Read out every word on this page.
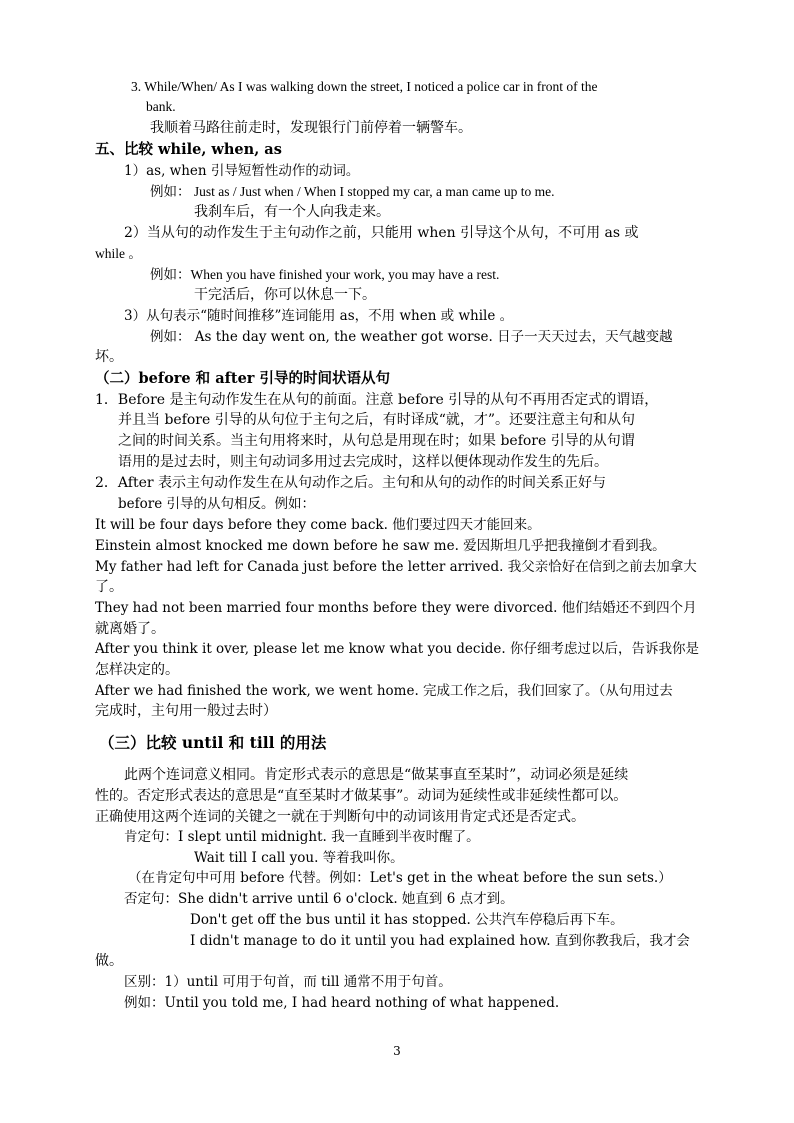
3. While/When/ As I was walking down the street, I noticed a police car in front of the
bank.
我顺着马路往前走时，发现银行门前停着一辆警车。
五、比较 while, when, as
1）as, when 引导短暂性动作的动词。
例如： Just as / Just when / When I stopped my car, a man came up to me.
我刹车后，有一个人向我走来。
2）当从句的动作发生于主句动作之前，只能用 when 引导这个从句，不可用 as 或
while 。
例如：When you have finished your work, you may have a rest.
干完活后，你可以休息一下。
3）从句表示“随时间推移”连词能用 as，不用 when 或 while 。
例如： As the day went on, the weather got worse. 日子一天天过去，天气越变越
坏。
（二）before 和 after 引导的时间状语从句
1．Before 是主句动作发生在从句的前面。注意 before 引导的从句不再用否定式的谓语，
并且当 before 引导的从句位于主句之后，有时译成“就，才”。还要注意主句和从句
之间的时间关系。当主句用将来时，从句总是用现在时；如果 before 引导的从句谓
语用的是过去时，则主句动词多用过去完成时，这样以便体现动作发生的先后。
2．After 表示主句动作发生在从句动作之后。主句和从句的动作的时间关系正好与
before 引导的从句相反。例如：
It will be four days before they come back. 他们要过四天才能回来。
Einstein almost knocked me down before he saw me. 爱因斯坦几乎把我撞倒才看到我。
My father had left for Canada just before the letter arrived. 我父亲恰好在信到之前去加拿大
了。
They had not been married four months before they were divorced. 他们结婚还不到四个月
就离婚了。
After you think it over, please let me know what you decide. 你仔细考虑过以后，告诉我你是
怎样决定的。
After we had finished the work, we went home. 完成工作之后，我们回家了。（从句用过去
完成时，主句用一般过去时）
（三）比较 until 和 till 的用法
此两个连词意义相同。肯定形式表示的意思是“做某事直至某时”，动词必须是延续
性的。否定形式表达的意思是“直至某时才做某事”。动词为延续性或非延续性都可以。
正确使用这两个连词的关键之一就在于判断句中的动词该用肯定式还是否定式。
肯定句：I slept until midnight. 我一直睡到半夜时醒了。
Wait till I call you. 等着我叫你。
（在肯定句中可用 before 代替。例如：Let's get in the wheat before the sun sets.）
否定句：She didn't arrive until 6 o'clock. 她直到 6 点才到。
Don't get off the bus until it has stopped. 公共汽车停稳后再下车。
I didn't manage to do it until you had explained how. 直到你教我后，我才会
做。
区别：1）until 可用于句首，而 till 通常不用于句首。
例如：Until you told me, I had heard nothing of what happened.
3
